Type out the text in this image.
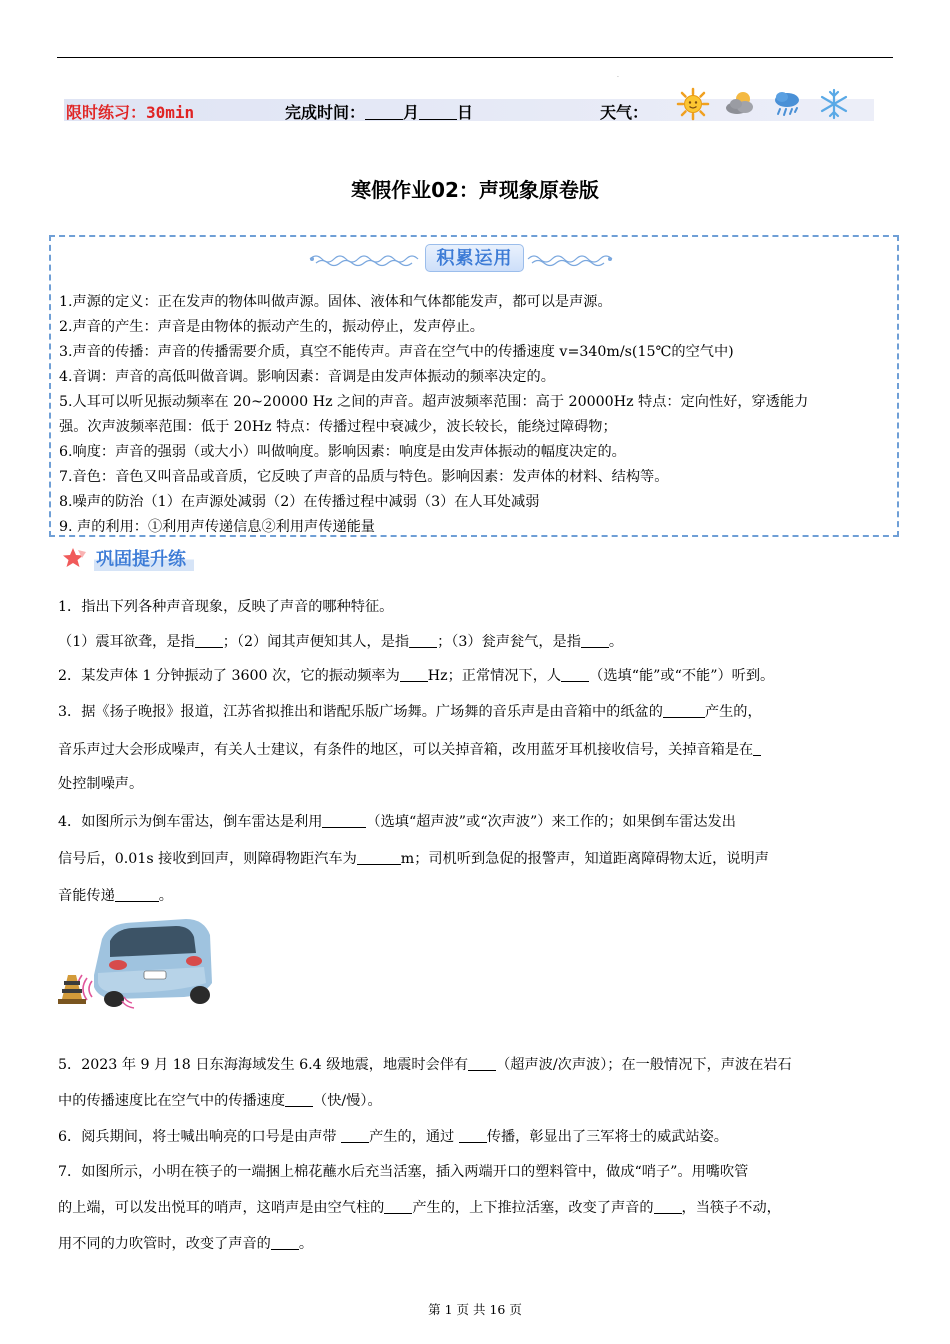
.
限时练习：30min	完成时间： 月 日	天气：
寒假作业02：声现象原卷版
积累运用
1.声源的定义：正在发声的物体叫做声源。固体、液体和气体都能发声，都可以是声源。
2.声音的产生：声音是由物体的振动产生的，振动停止，发声停止。
3.声音的传播：声音的传播需要介质，真空不能传声。声音在空气中的传播速度 v=340m/s(15℃的空气中)
4.音调：声音的高低叫做音调。影响因素：音调是由发声体振动的频率决定的。
5.人耳可以听见振动频率在 20~20000 Hz 之间的声音。超声波频率范围：高于 20000Hz 特点：定向性好，穿透能力
强。次声波频率范围：低于 20Hz 特点：传播过程中衰减少，波长较长，能绕过障碍物；
6.响度：声音的强弱（或大小）叫做响度。影响因素：响度是由发声体振动的幅度决定的。
7.音色：音色又叫音品或音质，它反映了声音的品质与特色。影响因素：发声体的材料、结构等。
8.噪声的防治（1）在声源处减弱（2）在传播过程中减弱（3）在人耳处减弱
9. 声的利用：①利用声传递信息②利用声传递能量
巩固提升练
1．指出下列各种声音现象，反映了声音的哪种特征。
（1）震耳欲聋，是指 ；（2）闻其声便知其人，是指 ；（3）瓮声瓮气，是指 。
2．某发声体 1 分钟振动了 3600 次，它的振动频率为 Hz；正常情况下，人 （选填“能”或“不能”）听到。
3．据《扬子晚报》报道，江苏省拟推出和谐配乐版广场舞。广场舞的音乐声是由音箱中的纸盆的	产生的，
音乐声过大会形成噪声，有关人士建议，有条件的地区，可以关掉音箱，改用蓝牙耳机接收信号，关掉音箱是在
处控制噪声。
4．如图所示为倒车雷达，倒车雷达是利用	（选填“超声波”或“次声波”）来工作的；如果倒车雷达发出
信号后，0.01s 接收到回声，则障碍物距汽车为	m；司机听到急促的报警声，知道距离障碍物太近，说明声
音能传递	。
5．2023 年 9 月 18 日东海海域发生 6.4 级地震，地震时会伴有 （超声波/次声波）；在一般情况下，声波在岩石
中的传播速度比在空气中的传播速度 （快/慢）。
6．阅兵期间，将士喊出响亮的口号是由声带 产生的，通过 传播，彰显出了三军将士的威武站姿。
7．如图所示，小明在筷子的一端捆上棉花蘸水后充当活塞，插入两端开口的塑料管中，做成“哨子”。用嘴吹管
的上端，可以发出悦耳的哨声，这哨声是由空气柱的 产生的，上下推拉活塞，改变了声音的 ，当筷子不动，
用不同的力吹管时，改变了声音的 。
第 1 页 共 16 页
